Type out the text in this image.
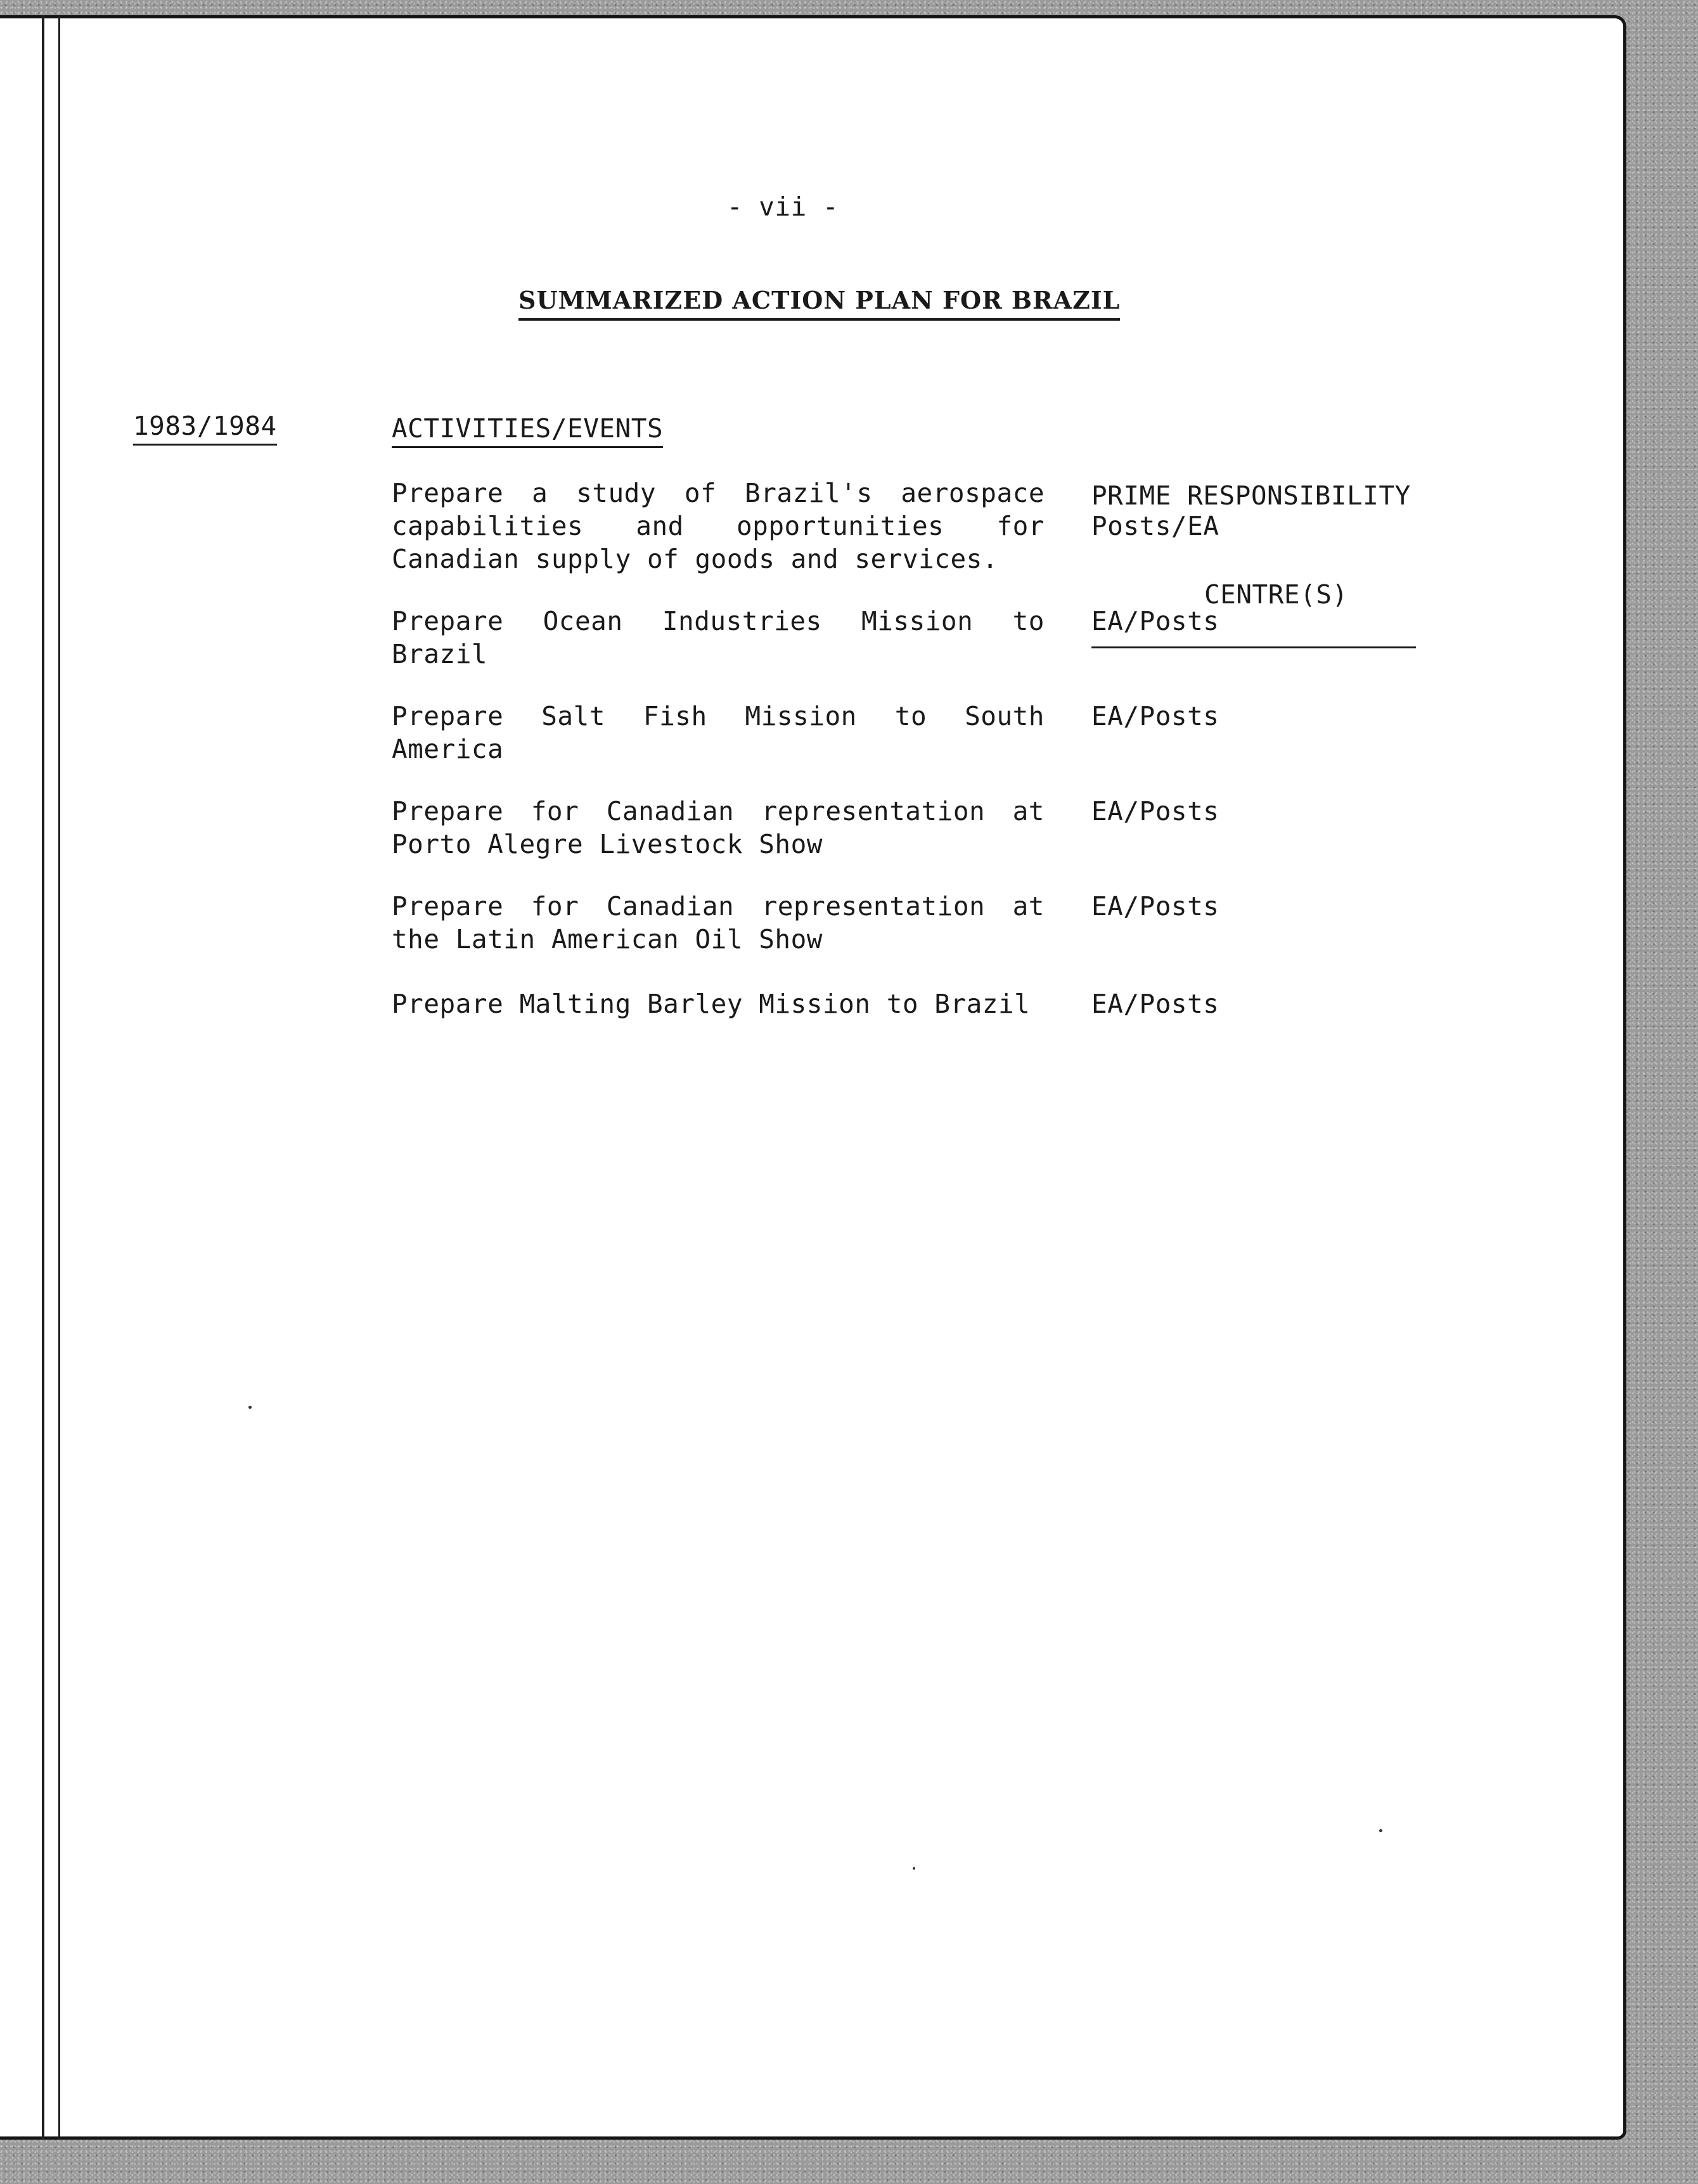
- vii -
SUMMARIZED ACTION PLAN FOR BRAZIL
1983/1984	ACTIVITIES/EVENTS

PRIME RESPONSIBILITY

CENTRE(S)

Prepare a study of Brazil's aerospace capabilities and opportunities for Canadian supply of goods and services.
Posts/EA
Prepare Ocean Industries Mission to Brazil
EA/Posts
Prepare Salt Fish Mission to South America
EA/Posts
Prepare for Canadian representation at Porto Alegre Livestock Show
EA/Posts
Prepare for Canadian representation at the Latin American Oil Show
EA/Posts
Prepare Malting Barley Mission to Brazil	EA/Posts
